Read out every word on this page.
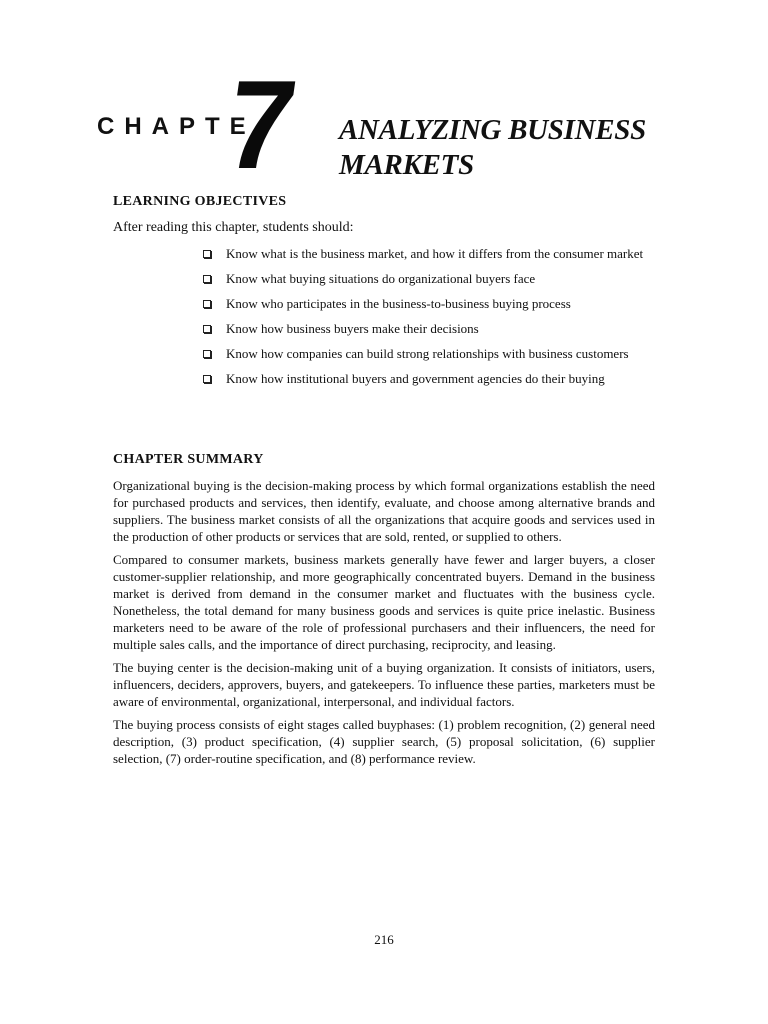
CHAPTE
7 ANALYZING BUSINESS
MARKETS
LEARNING OBJECTIVES
After reading this chapter, students should:
Know what is the business market, and how it differs from the consumer market
Know what buying situations do organizational buyers face
Know who participates in the business-to-business buying process
Know how business buyers make their decisions
Know how companies can build strong relationships with business customers
Know how institutional buyers and government agencies do their buying
CHAPTER SUMMARY

Organizational buying is the decision-making process by which formal organizations establish the need for purchased products and services, then identify, evaluate, and choose among alternative brands and suppliers. The business market consists of all the organizations that acquire goods and services used in the production of other products or services that are sold, rented, or supplied to others.

Compared to consumer markets, business markets generally have fewer and larger buyers, a closer customer-supplier relationship, and more geographically concentrated buyers. Demand in the business market is derived from demand in the consumer market and fluctuates with the business cycle. Nonetheless, the total demand for many business goods and services is quite price inelastic. Business marketers need to be aware of the role of professional purchasers and their influencers, the need for multiple sales calls, and the importance of direct purchasing, reciprocity, and leasing.

The buying center is the decision-making unit of a buying organization. It consists of initiators, users, influencers, deciders, approvers, buyers, and gatekeepers. To influence these parties, marketers must be aware of environmental, organizational, interpersonal, and individual factors.

The buying process consists of eight stages called buyphases: (1) problem recognition, (2) general need description, (3) product specification, (4) supplier search, (5) proposal solicitation, (6) supplier selection, (7) order-routine specification, and (8) performance review.

216
